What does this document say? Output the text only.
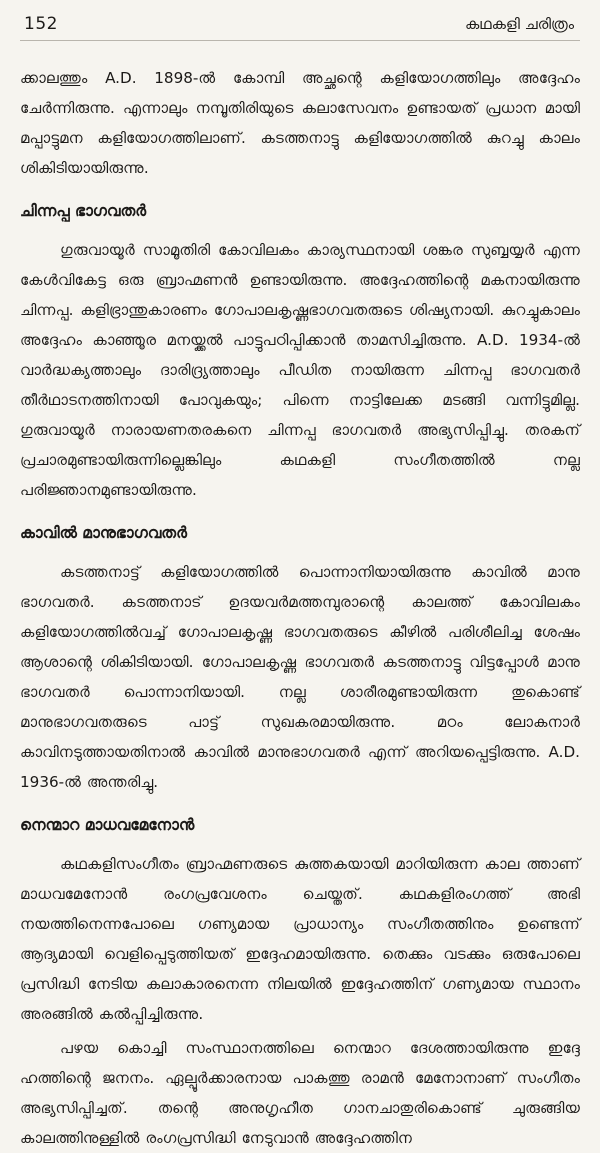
152	കഥകളി ചരിത്രം

ക്കാലത്തും A.D. 1898-ൽ കോമ്പി അച്ഛന്റെ കളിയോഗത്തിലും അദ്ദേഹം ചേർന്നിരുന്നു. എന്നാലും നമ്പൂതിരിയുടെ കലാസേവനം ഉണ്ടായത് പ്രധാന മായി മപ്പാട്ടുമന കളിയോഗത്തിലാണ്. കടത്തനാട്ടു കളിയോഗത്തിൽ കുറച്ചു കാലം ശികിടിയായിരുന്നു.

ചിന്നപ്പ ഭാഗവതർ

ഗുരുവായൂർ സാമൂതിരി കോവിലകം കാര്യസ്ഥനായി ശങ്കര സുബ്ബയ്യർ എന്ന കേൾവികേട്ട ഒരു ബ്രാഹ്മണൻ ഉണ്ടായിരുന്നു. അദ്ദേഹത്തിന്റെ മകനായിരുന്നു ചിന്നപ്പ. കളിഭ്രാന്തുകാരണം ഗോപാലകൃഷ്ണഭാഗവതരുടെ ശിഷ്യനായി. കുറച്ചുകാലം അദ്ദേഹം കാഞ്ഞൂര മനയ്ക്കൽ പാട്ടുപഠിപ്പിക്കാൻ താമസിച്ചിരുന്നു. A.D. 1934-ൽ വാർദ്ധക്യത്താലും ദാരിദ്ര്യത്താലും പീഡിത നായിരുന്ന ചിന്നപ്പ ഭാഗവതർ തീർഥാടനത്തിനായി പോവുകയും; പിന്നെ നാട്ടിലേക്ക മടങ്ങി വന്നിട്ടുമില്ല. ഗുരുവായൂർ നാരായണതരകനെ ചിന്നപ്പ ഭാഗവതർ അഭ്യസിപ്പിച്ചു. തരകന് പ്രചാരമുണ്ടായിരുന്നില്ലെങ്കിലും കഥകളി സംഗീതത്തിൽ നല്ല പരിജ്ഞാനമുണ്ടായിരുന്നു.

കാവിൽ മാനുഭാഗവതർ

കടത്തനാട്ട് കളിയോഗത്തിൽ പൊന്നാനിയായിരുന്നു കാവിൽ മാനു ഭാഗവതർ. കടത്തനാട് ഉദയവർമത്തമ്പുരാന്റെ കാലത്ത് കോവിലകം കളിയോഗത്തിൽവച്ച് ഗോപാലകൃഷ്ണ ഭാഗവതരുടെ കീഴിൽ പരിശീലിച്ച ശേഷം ആശാന്റെ ശികിടിയായി. ഗോപാലകൃഷ്ണ ഭാഗവതർ കടത്തനാട്ടു വിട്ടപ്പോൾ മാനു ഭാഗവതർ പൊന്നാനിയായി. നല്ല ശാരീരമുണ്ടായിരുന്ന തുകൊണ്ട് മാനുഭാഗവതരുടെ പാട്ട് സുഖകരമായിരുന്നു. മഠം ലോകനാർ കാവിനടുത്തായതിനാൽ കാവിൽ മാനുഭാഗവതർ എന്ന് അറിയപ്പെട്ടിരുന്നു. A.D. 1936-ൽ അന്തരിച്ചു.

നെന്മാറ മാധവമേനോൻ

കഥകളിസംഗീതം ബ്രാഹ്മണരുടെ കുത്തകയായി മാറിയിരുന്ന കാല ത്താണ് മാധവമേനോൻ രംഗപ്രവേശനം ചെയ്തത്. കഥകളിരംഗത്ത് അഭി നയത്തിനെന്നപോലെ ഗണ്യമായ പ്രാധാന്യം സംഗീതത്തിനും ഉണ്ടെന്ന് ആദ്യമായി വെളിപ്പെടുത്തിയത് ഇദ്ദേഹമായിരുന്നു. തെക്കും വടക്കും ഒരുപോലെ പ്രസിദ്ധി നേടിയ കലാകാരനെന്ന നിലയിൽ ഇദ്ദേഹത്തിന് ഗണ്യമായ സ്ഥാനം അരങ്ങിൽ കൽപ്പിച്ചിരുന്നു.

പഴയ കൊച്ചി സംസ്ഥാനത്തിലെ നെന്മാറ ദേശത്തായിരുന്നു ഇദ്ദേ ഹത്തിന്റെ ജനനം. ഏല്പൂർക്കാരനായ പാകത്തു രാമൻ മേനോനാണ് സംഗീതം അഭ്യസിപ്പിച്ചത്. തന്റെ അനുഗൃഹീത ഗാനചാതുരികൊണ്ട് ചുരുങ്ങിയ കാലത്തിനുള്ളിൽ രംഗപ്രസിദ്ധി നേടുവാൻ അദ്ദേഹത്തിന
